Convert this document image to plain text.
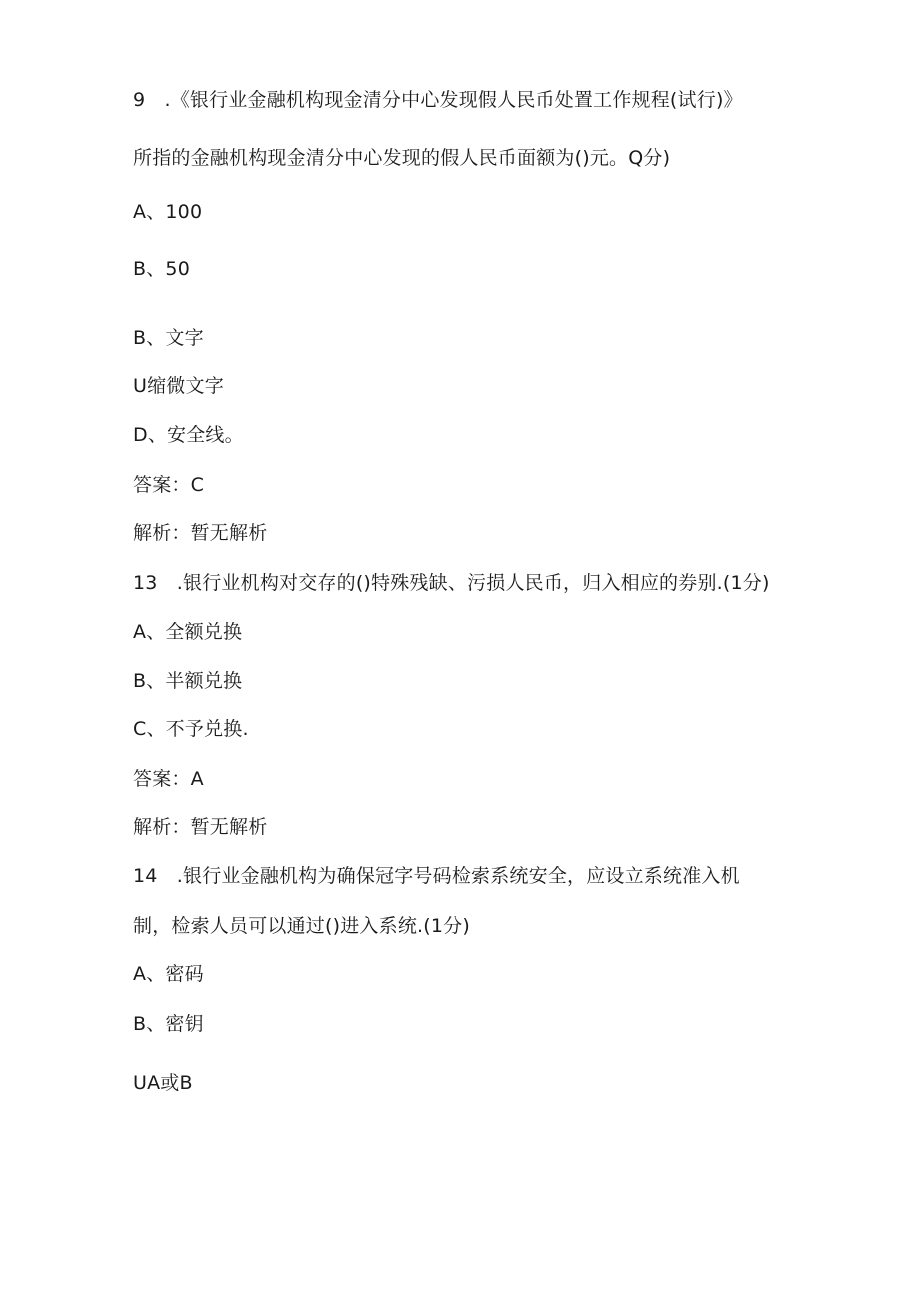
9　.《银行业金融机构现金清分中心发现假人民币处置工作规程(试行)》
所指的金融机构现金清分中心发现的假人民币面额为()元。Q分)
A、100
B、50
B、文字
U缩微文字
D、安全线。
答案：C
解析：暂无解析
13　.银行业机构对交存的()特殊残缺、污损人民币，归入相应的券别.(1分)
A、全额兑换
B、半额兑换
C、不予兑换.
答案：A
解析：暂无解析
14　.银行业金融机构为确保冠字号码检索系统安全，应设立系统准入机
制，检索人员可以通过()进入系统.(1分)
A、密码
B、密钥
UA或B
